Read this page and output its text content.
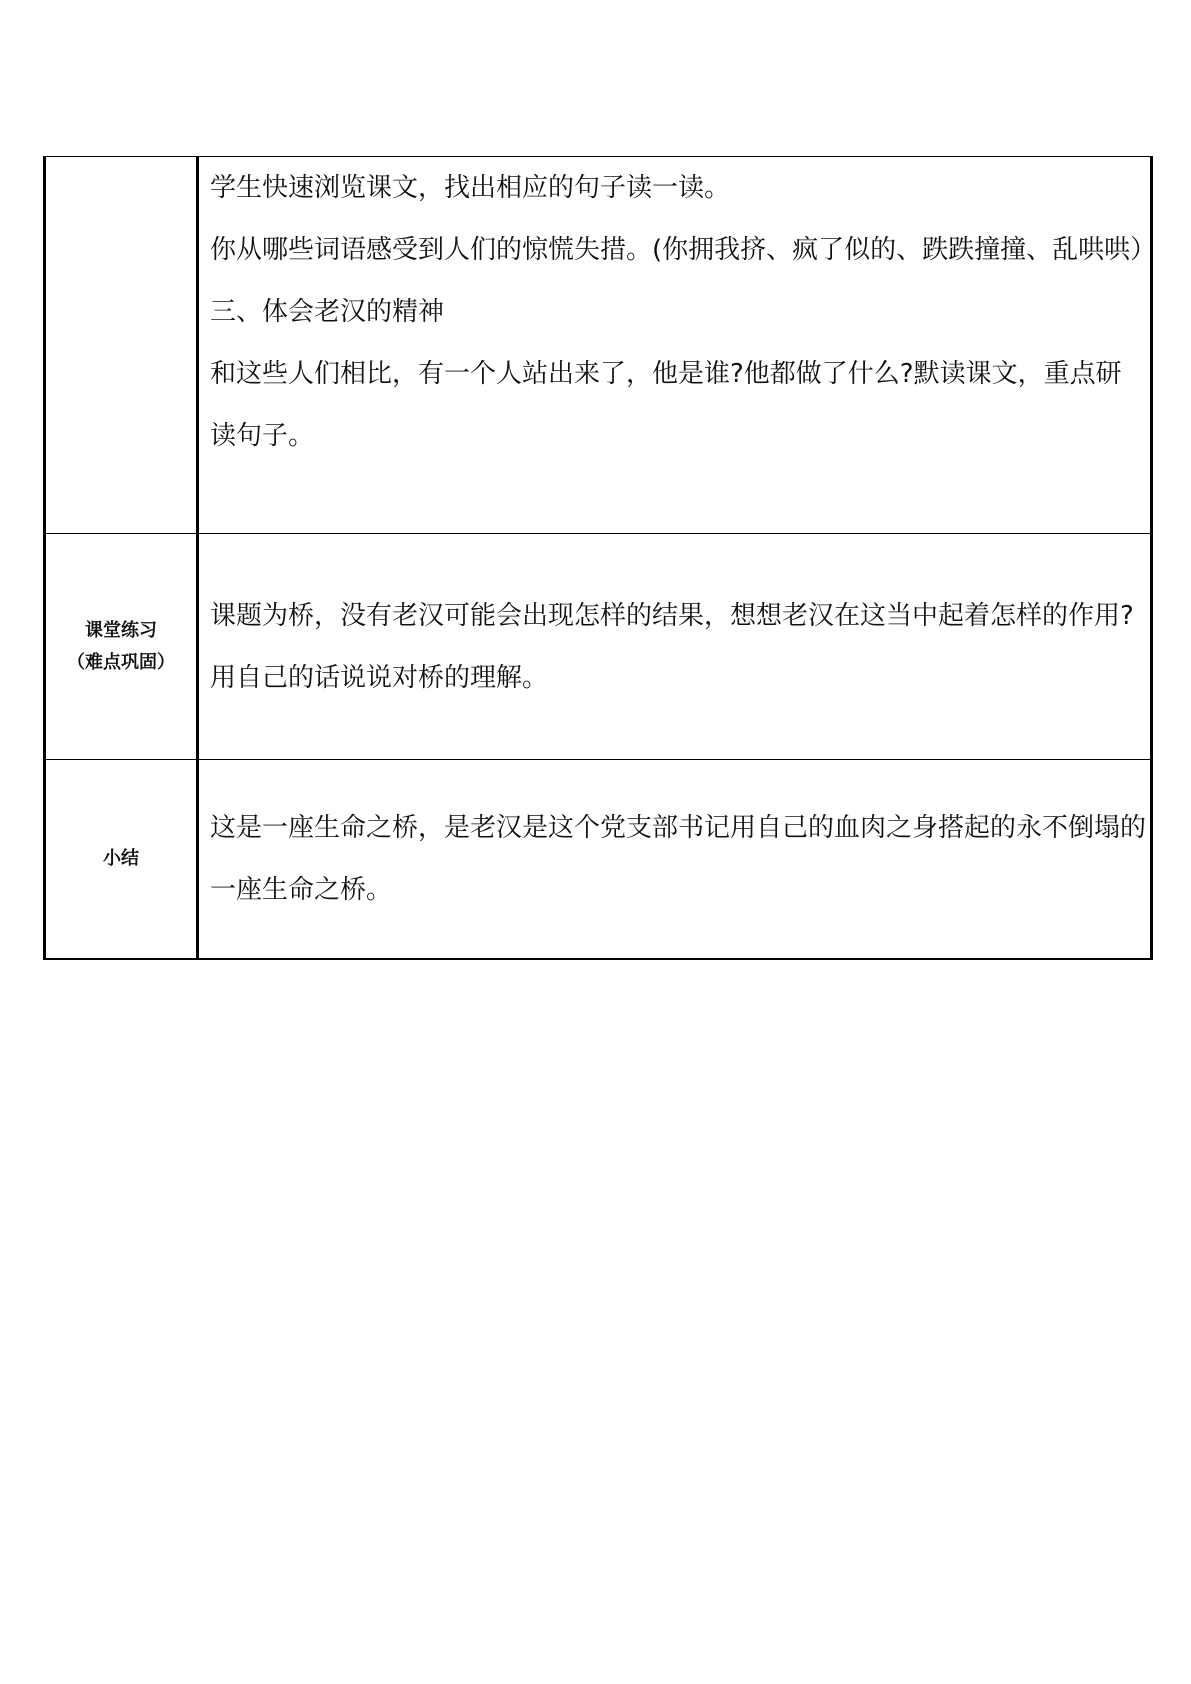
	学生快速浏览课文，找出相应的句子读一读。
你从哪些词语感受到人们的惊慌失措。(你拥我挤、疯了似的、跌跌撞撞、乱哄哄）
三、体会老汉的精神
和这些人们相比，有一个人站出来了，他是谁?他都做了什么?默读课文，重点研读句子。

课堂练习
（难点巩固）	课题为桥，没有老汉可能会出现怎样的结果，想想老汉在这当中起着怎样的作用?用自己的话说说对桥的理解。

小结	这是一座生命之桥，是老汉是这个党支部书记用自己的血肉之身搭起的永不倒塌的一座生命之桥。
